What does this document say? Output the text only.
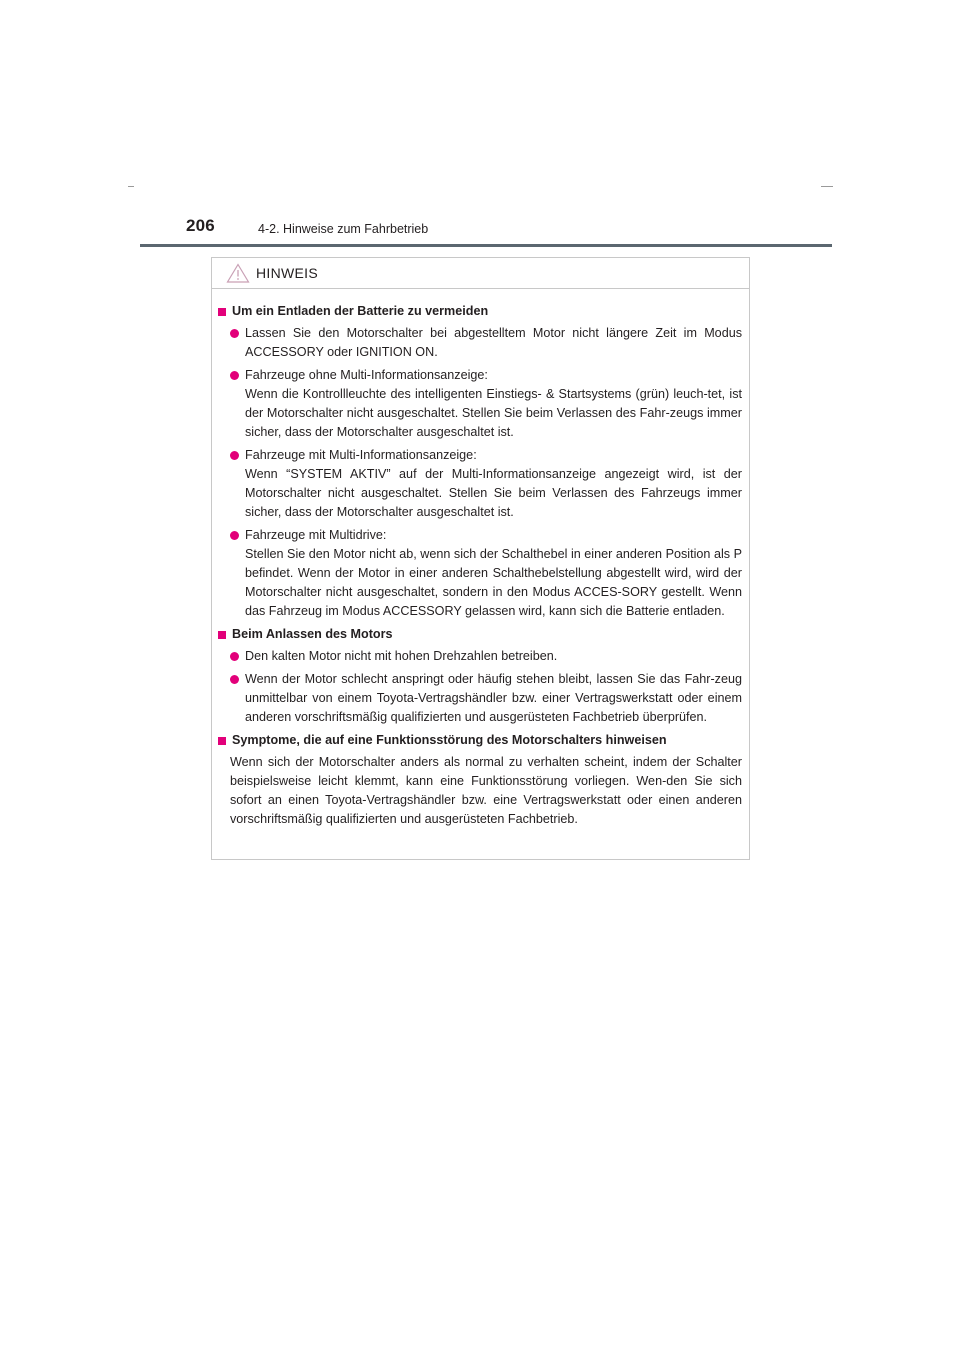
206	4-2. Hinweise zum Fahrbetrieb
HINWEIS
Um ein Entladen der Batterie zu vermeiden
Lassen Sie den Motorschalter bei abgestelltem Motor nicht längere Zeit im Modus ACCESSORY oder IGNITION ON.
Fahrzeuge ohne Multi-Informationsanzeige:
Wenn die Kontrollleuchte des intelligenten Einstiegs- & Startsystems (grün) leuch-tet, ist der Motorschalter nicht ausgeschaltet. Stellen Sie beim Verlassen des Fahr-zeugs immer sicher, dass der Motorschalter ausgeschaltet ist.
Fahrzeuge mit Multi-Informationsanzeige:
Wenn “SYSTEM AKTIV” auf der Multi-Informationsanzeige angezeigt wird, ist der Motorschalter nicht ausgeschaltet. Stellen Sie beim Verlassen des Fahrzeugs immer sicher, dass der Motorschalter ausgeschaltet ist.
Fahrzeuge mit Multidrive:
Stellen Sie den Motor nicht ab, wenn sich der Schalthebel in einer anderen Position als P befindet. Wenn der Motor in einer anderen Schalthebelstellung abgestellt wird, wird der Motorschalter nicht ausgeschaltet, sondern in den Modus ACCES-SORY gestellt. Wenn das Fahrzeug im Modus ACCESSORY gelassen wird, kann sich die Batterie entladen.
Beim Anlassen des Motors
Den kalten Motor nicht mit hohen Drehzahlen betreiben.
Wenn der Motor schlecht anspringt oder häufig stehen bleibt, lassen Sie das Fahr-zeug unmittelbar von einem Toyota-Vertragshändler bzw. einer Vertragswerkstatt oder einem anderen vorschriftsmäßig qualifizierten und ausgerüsteten Fachbetrieb überprüfen.
Symptome, die auf eine Funktionsstörung des Motorschalters hinweisen
Wenn sich der Motorschalter anders als normal zu verhalten scheint, indem der Schalter beispielsweise leicht klemmt, kann eine Funktionsstörung vorliegen. Wen-den Sie sich sofort an einen Toyota-Vertragshändler bzw. eine Vertragswerkstatt oder einen anderen vorschriftsmäßig qualifizierten und ausgerüsteten Fachbetrieb.
